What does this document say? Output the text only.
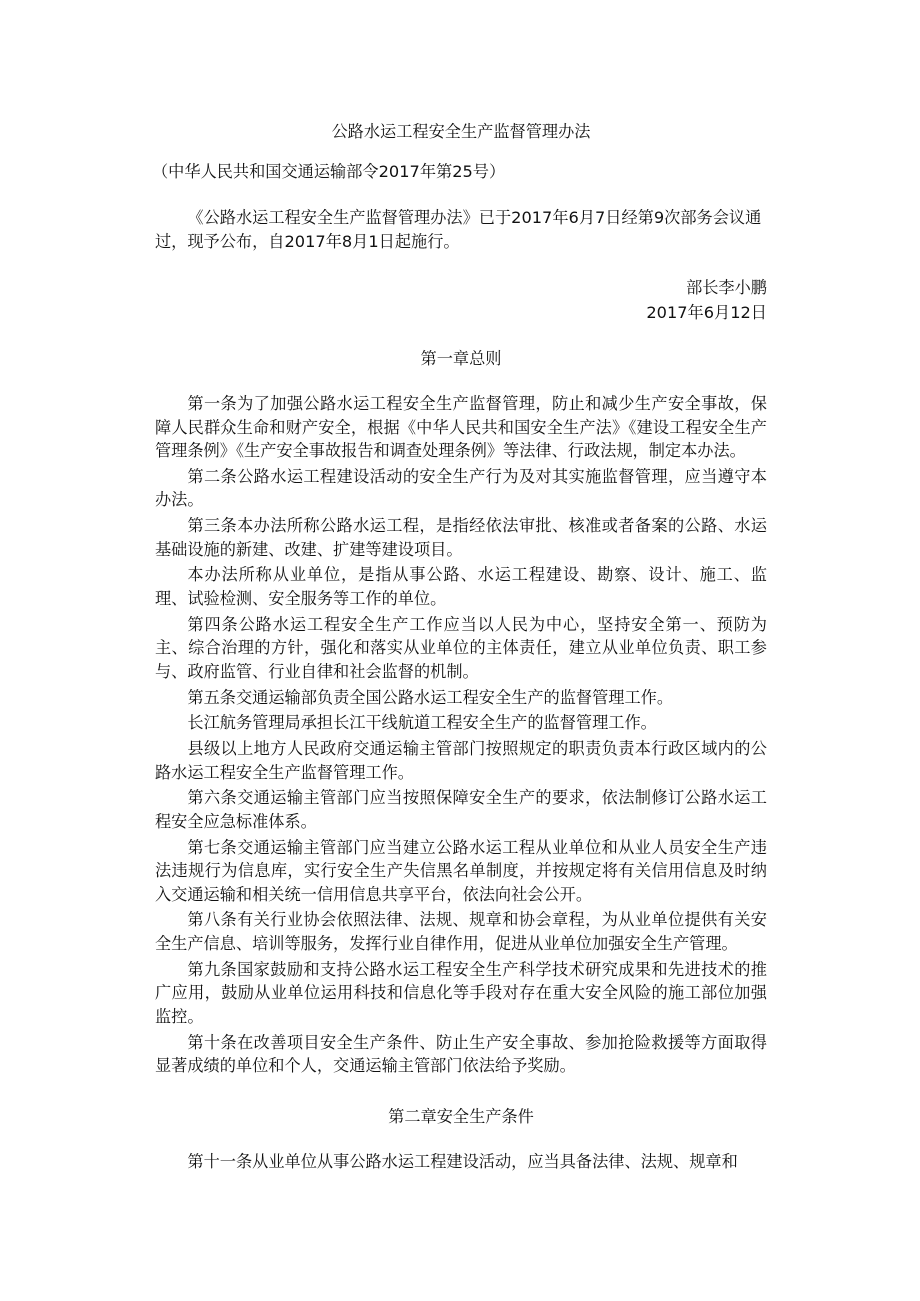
公路水运工程安全生产监督管理办法
（中华人民共和国交通运输部令2017年第25号）
《公路水运工程安全生产监督管理办法》已于2017年6月7日经第9次部务会议通过，现予公布，自2017年8月1日起施行。
部长李小鹏
2017年6月12日
第一章总则

第一条为了加强公路水运工程安全生产监督管理，防止和减少生产安全事故，保障人民群众生命和财产安全，根据《中华人民共和国安全生产法》《建设工程安全生产管理条例》《生产安全事故报告和调查处理条例》等法律、行政法规，制定本办法。

第二条公路水运工程建设活动的安全生产行为及对其实施监督管理，应当遵守本办法。

第三条本办法所称公路水运工程，是指经依法审批、核准或者备案的公路、水运基础设施的新建、改建、扩建等建设项目。

本办法所称从业单位，是指从事公路、水运工程建设、勘察、设计、施工、监理、试验检测、安全服务等工作的单位。

第四条公路水运工程安全生产工作应当以人民为中心，坚持安全第一、预防为主、综合治理的方针，强化和落实从业单位的主体责任，建立从业单位负责、职工参与、政府监管、行业自律和社会监督的机制。

第五条交通运输部负责全国公路水运工程安全生产的监督管理工作。

长江航务管理局承担长江干线航道工程安全生产的监督管理工作。

县级以上地方人民政府交通运输主管部门按照规定的职责负责本行政区域内的公路水运工程安全生产监督管理工作。

第六条交通运输主管部门应当按照保障安全生产的要求，依法制修订公路水运工程安全应急标准体系。

第七条交通运输主管部门应当建立公路水运工程从业单位和从业人员安全生产违法违规行为信息库，实行安全生产失信黑名单制度，并按规定将有关信用信息及时纳入交通运输和相关统一信用信息共享平台，依法向社会公开。

第八条有关行业协会依照法律、法规、规章和协会章程，为从业单位提供有关安全生产信息、培训等服务，发挥行业自律作用，促进从业单位加强安全生产管理。

第九条国家鼓励和支持公路水运工程安全生产科学技术研究成果和先进技术的推广应用，鼓励从业单位运用科技和信息化等手段对存在重大安全风险的施工部位加强监控。

第十条在改善项目安全生产条件、防止生产安全事故、参加抢险救援等方面取得显著成绩的单位和个人，交通运输主管部门依法给予奖励。

第二章安全生产条件
第十一条从业单位从事公路水运工程建设活动，应当具备法律、法规、规章和
